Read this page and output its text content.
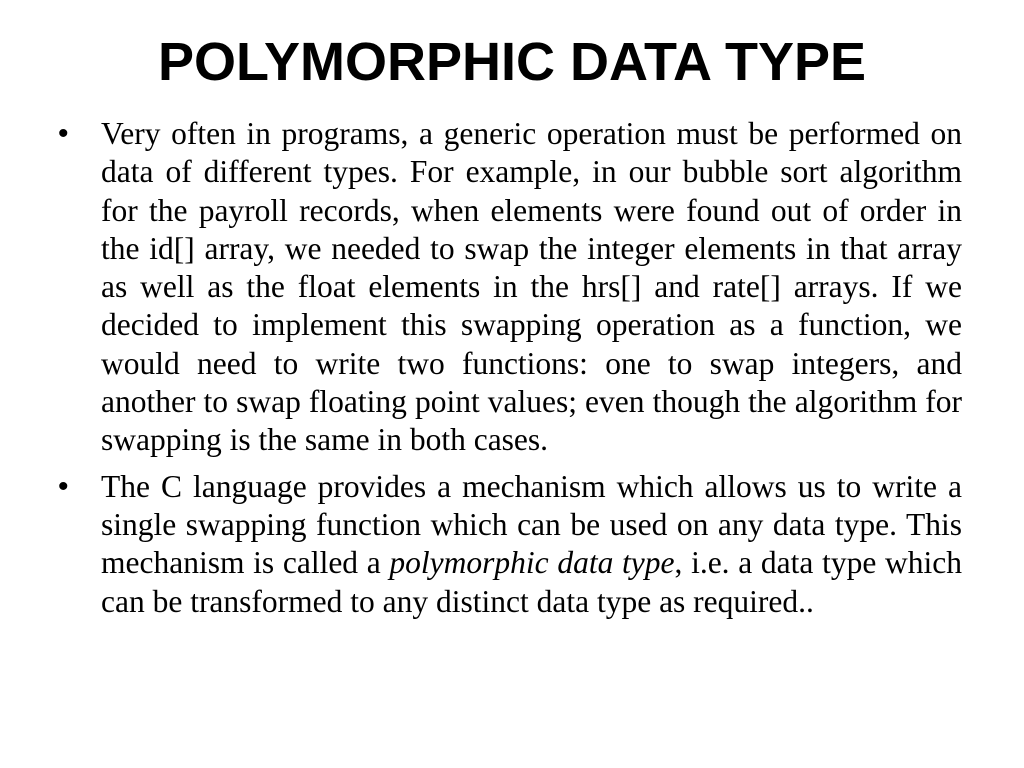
POLYMORPHIC DATA TYPE
• Very often in programs, a generic operation must be performed on data of different types. For example, in our bubble sort algorithm for the payroll records, when elements were found out of order in the id[] array, we needed to swap the integer elements in that array as well as the float elements in the hrs[] and rate[] arrays. If we decided to implement this swapping operation as a function, we would need to write two functions: one to swap integers, and another to swap floating point values; even though the algorithm for swapping is the same in both cases.
• The C language provides a mechanism which allows us to write a single swapping function which can be used on any data type. This mechanism is called a polymorphic data type, i.e. a data type which can be transformed to any distinct data type as required..
